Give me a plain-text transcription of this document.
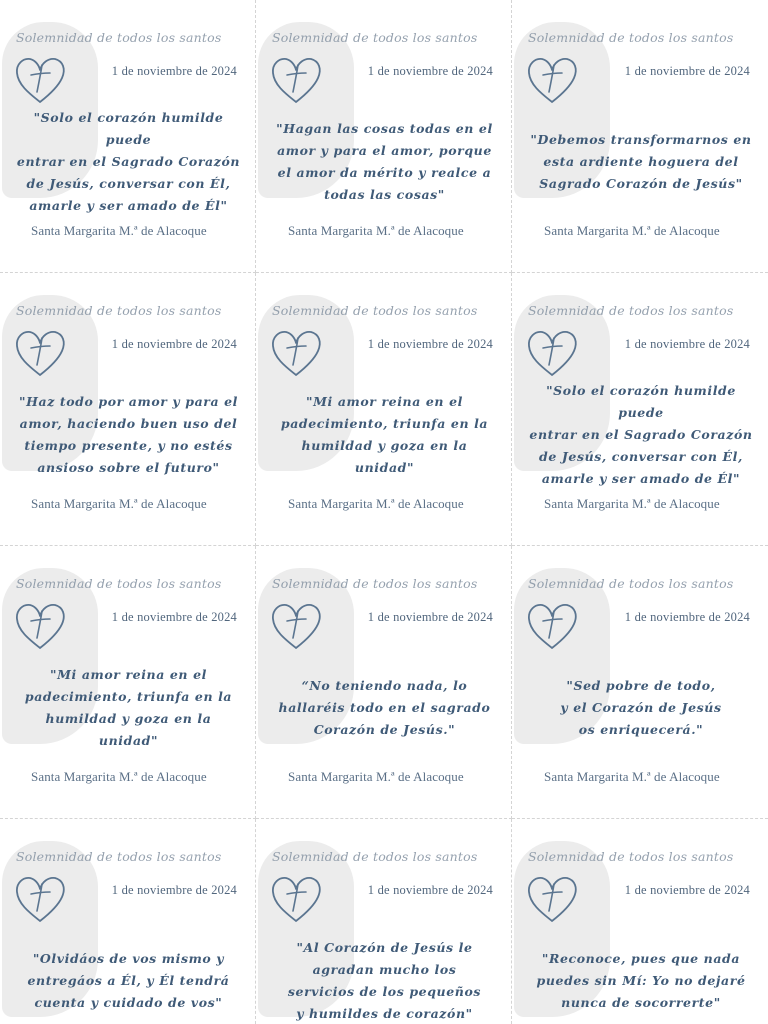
Solemnidad de todos los santos
1 de noviembre de 2024
"Solo el corazón humilde puede
entrar en el Sagrado Corazón
de Jesús, conversar con Él,
amarle y ser amado de Él"
Santa Margarita M.ª de Alacoque
Solemnidad de todos los santos
1 de noviembre de 2024
"Hagan las cosas todas en el
amor y para el amor, porque
el amor da mérito y realce a
todas las cosas"
Santa Margarita M.ª de Alacoque
Solemnidad de todos los santos
1 de noviembre de 2024
"Debemos transformarnos en
esta ardiente hoguera del
Sagrado Corazón de Jesús"
Santa Margarita M.ª de Alacoque
Solemnidad de todos los santos
1 de noviembre de 2024
"Haz todo por amor y para el
amor, haciendo buen uso del
tiempo presente, y no estés
ansioso sobre el futuro"
Santa Margarita M.ª de Alacoque
Solemnidad de todos los santos
1 de noviembre de 2024
"Mi amor reina en el
padecimiento, triunfa en la
humildad y goza en la unidad"
Santa Margarita M.ª de Alacoque
Solemnidad de todos los santos
1 de noviembre de 2024
"Solo el corazón humilde puede
entrar en el Sagrado Corazón
de Jesús, conversar con Él,
amarle y ser amado de Él"
Santa Margarita M.ª de Alacoque
Solemnidad de todos los santos
1 de noviembre de 2024
"Mi amor reina en el
padecimiento, triunfa en la
humildad y goza en la unidad"
Santa Margarita M.ª de Alacoque
Solemnidad de todos los santos
1 de noviembre de 2024
“No teniendo nada, lo
hallaréis todo en el sagrado
Corazón de Jesús."
Santa Margarita M.ª de Alacoque
Solemnidad de todos los santos
1 de noviembre de 2024
"Sed pobre de todo,
y el Corazón de Jesús
os enriquecerá."
Santa Margarita M.ª de Alacoque
Solemnidad de todos los santos
1 de noviembre de 2024
"Olvidáos de vos mismo y
entregáos a Él, y Él tendrá
cuenta y cuidado de vos"
Solemnidad de todos los santos
1 de noviembre de 2024
"Al Corazón de Jesús le
agradan mucho los
servicios de los pequeños
y humildes de corazón"
Solemnidad de todos los santos
1 de noviembre de 2024
"Reconoce, pues que nada
puedes sin Mí: Yo no dejaré
nunca de socorrerte"
